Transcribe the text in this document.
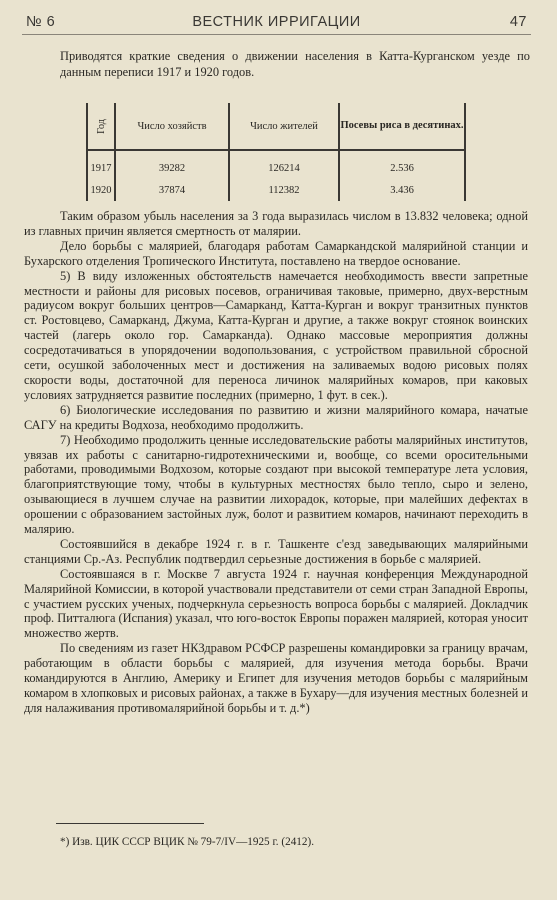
№ 6	ВЕСТНИК ИРРИГАЦИИ	47

Приводятся краткие сведения о движении населения в Катта-Курганском уезде по данным переписи 1917 и 1920 годов.

Год	Число хозяйств	Число жителей	Посевы риса в десятинах.
1917	39282	126214	2.536
1920	37874	112382	3.436

Таким образом убыль населения за 3 года выразилась числом в 13.832 человека; одной из главных причин является смертность от малярии.

Дело борьбы с малярией, благодаря работам Самаркандской малярийной станции и Бухарского отделения Тропического Института, поставлено на твердое основание.

5) В виду изложенных обстоятельств намечается необходимость ввести запретные местности и районы для рисовых посевов, ограничивая таковые, примерно, двух-верстным радиусом вокруг больших центров—Самарканд, Катта-Курган и вокруг транзитных пунктов ст. Ростовцево, Самарканд, Джума, Катта-Курган и другие, а также вокруг стоянок воинских частей (лагерь около гор. Самарканда). Однако массовые мероприятия должны сосредотачиваться в упорядочении водопользования, с устройством правильной сбросной сети, осушкой заболоченных мест и достижения на заливаемых водою рисовых полях скорости воды, достаточной для переноса личинок малярийных комаров, при каковых условиях затрудняется развитие последних (примерно, 1 фут. в сек.).

6) Биологические исследования по развитию и жизни малярийного комара, начатые САГУ на кредиты Водхоза, необходимо продолжить.

7) Необходимо продолжить ценные исследовательские работы малярийных институтов, увязав их работы с санитарно-гидротехническими и, вообще, со всеми оросительными работами, проводимыми Водхозом, которые создают при высокой температуре лета условия, благоприятствующие тому, чтобы в культурных местностях было тепло, сыро и зелено, озывающиеся в лучшем случае на развитии лихорадок, которые, при малейших дефектах в орошении с образованием застойных луж, болот и развитием комаров, начинают переходить в малярию.

Состоявшийся в декабре 1924 г. в г. Ташкенте с'езд заведывающих малярийными станциями Ср.-Аз. Республик подтвердил серьезные достижения в борьбе с малярией.

Состоявшаяся в г. Москве 7 августа 1924 г. научная конференция Международной Малярийной Комиссии, в которой участвовали представители от семи стран Западной Европы, с участием русских ученых, подчеркнула серьезность вопроса борьбы с малярией. Докладчик проф. Питталюга (Испания) указал, что юго-восток Европы поражен малярией, которая уносит множество жертв.

По сведениям из газет НКЗдравом РСФСР разрешены командировки за границу врачам, работающим в области борьбы с малярией, для изучения метода борьбы. Врачи командируются в Англию, Америку и Египет для изучения методов борьбы с малярийным комаром в хлопковых и рисовых районах, а также в Бухару—для изучения местных болезней и для налаживания противомалярийной борьбы и т. д.*)

*) Изв. ЦИК СССР ВЦИК № 79-7/IV—1925 г. (2412).
